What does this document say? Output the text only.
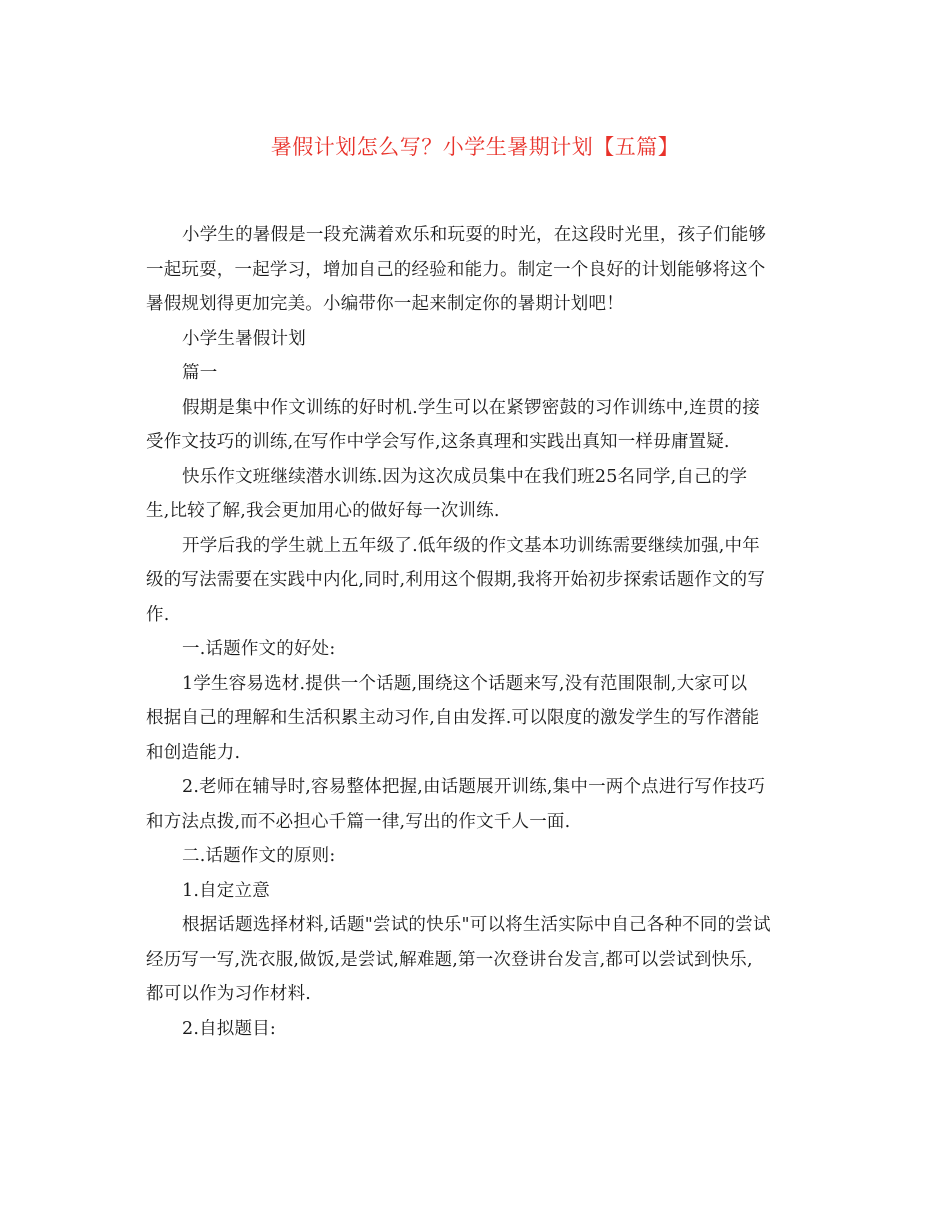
暑假计划怎么写？小学生暑期计划【五篇】

小学生的暑假是一段充满着欢乐和玩耍的时光，在这段时光里，孩子们能够
一起玩耍，一起学习，增加自己的经验和能力。制定一个良好的计划能够将这个
暑假规划得更加完美。小编带你一起来制定你的暑期计划吧！

小学生暑假计划

篇一

假期是集中作文训练的好时机.学生可以在紧锣密鼓的习作训练中,连贯的接
受作文技巧的训练,在写作中学会写作,这条真理和实践出真知一样毋庸置疑.

快乐作文班继续潜水训练.因为这次成员集中在我们班25名同学,自己的学
生,比较了解,我会更加用心的做好每一次训练.

开学后我的学生就上五年级了.低年级的作文基本功训练需要继续加强,中年
级的写法需要在实践中内化,同时,利用这个假期,我将开始初步探索话题作文的写
作.

一.话题作文的好处:

1学生容易选材.提供一个话题,围绕这个话题来写,没有范围限制,大家可以
根据自己的理解和生活积累主动习作,自由发挥.可以限度的激发学生的写作潜能
和创造能力.

2.老师在辅导时,容易整体把握,由话题展开训练,集中一两个点进行写作技巧
和方法点拨,而不必担心千篇一律,写出的作文千人一面.

二.话题作文的原则:

1.自定立意

根据话题选择材料,话题"尝试的快乐"可以将生活实际中自己各种不同的尝试
经历写一写,洗衣服,做饭,是尝试,解难题,第一次登讲台发言,都可以尝试到快乐,
都可以作为习作材料.

2.自拟题目:
